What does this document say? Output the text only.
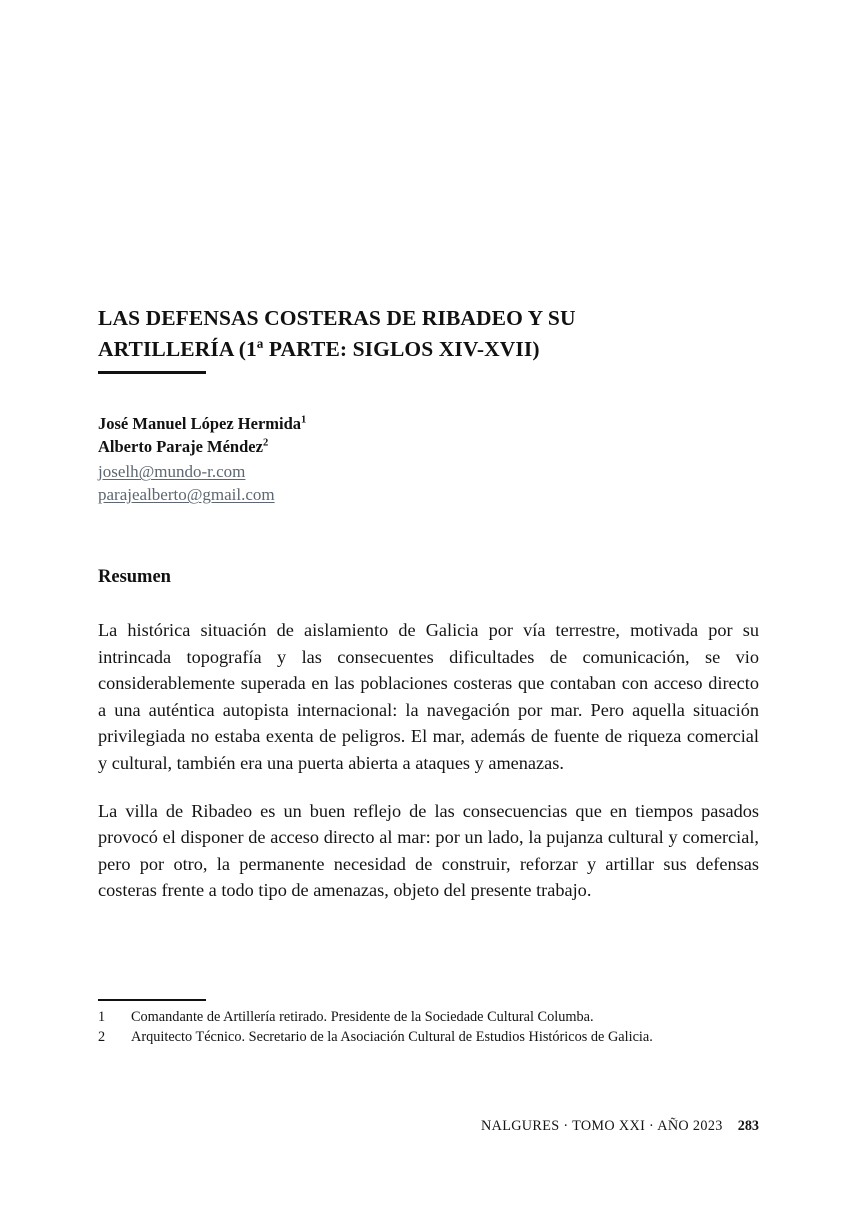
LAS DEFENSAS COSTERAS DE RIBADEO Y SU
ARTILLERÍA (1ª PARTE: SIGLOS XIV-XVII)
José Manuel López Hermida$^1$
Alberto Paraje Méndez$^2$
joselh@mundo-r.com
parajealberto@gmail.com
Resumen

La histórica situación de aislamiento de Galicia por vía terrestre, motivada por su intrincada topografía y las consecuentes dificultades de comunicación, se vio considerablemente superada en las poblaciones costeras que contaban con acceso directo a una auténtica autopista internacional: la navegación por mar. Pero aquella situación privilegiada no estaba exenta de peligros. El mar, además de fuente de riqueza comercial y cultural, también era una puerta abierta a ataques y amenazas.

La villa de Ribadeo es un buen reflejo de las consecuencias que en tiempos pasados provocó el disponer de acceso directo al mar: por un lado, la pujanza cultural y comercial, pero por otro, la permanente necesidad de construir, reforzar y artillar sus defensas costeras frente a todo tipo de amenazas, objeto del presente trabajo.

1	Comandante de Artillería retirado. Presidente de la Sociedade Cultural Columba.
2	Arquitecto Técnico. Secretario de la Asociación Cultural de Estudios Históricos de Galicia.
NALGURES · TOMO XXI · AÑO 2023 283
